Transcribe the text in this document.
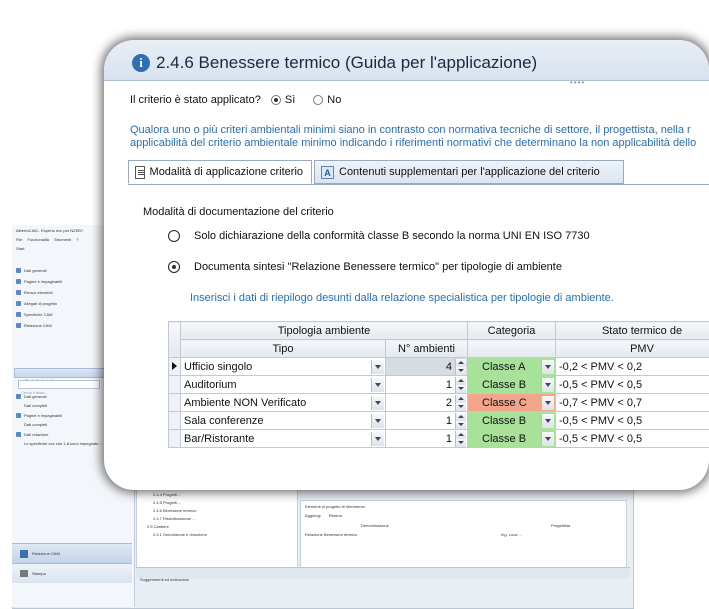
AlbertoCAM - Esperto ecc per NZEB?
File Funzionalità Strumenti ?
Start
Dati generali
Pagine e impaginabili
Elenco elementi
Allegati di progetto
Specifiche CAM
Relazione CAM
Cerca il testo...
Dati generali
Dati completi
Pagine e impaginabili
Dati completi
Dati relazione
Le specifiche ecc che 1.8 sono impegnate...
Relazione CAM
Stampa
2.4.4 Progetti ...
2.4.5 Progetti ...
2.4.6 Benessere termico
2.4.7 Ristrutturazione ...
2.5 Cantiere
2.5.1 Demolizione e rimozione
Elementi di progetto di riferimento
Aggiungi Elimina
Denominazione	Progettista
Relazione Benessere termico	Ing. Luca ...
Suggerimenti ed indicazioni
i 2.4.6 Benessere termico (Guida per l'applicazione)
••••
Il criterio è stato applicato? Sì	No
Qualora uno o più criteri ambientali minimi siano in contrasto con normativa tecniche di settore, il progettista, nella r
applicabilità del criterio ambientale minimo indicando i riferimenti normativi che determinano la non applicabilità dello
Modalità di applicazione criterio	A Contenuti supplementari per l'applicazione del criterio
Modalità di documentazione del criterio
Solo dichiarazione della conformità classe B secondo la norma UNI EN ISO 7730
Documenta sintesi "Relazione Benessere termico" per tipologie di ambiente
Inserisci i dati di riepilogo desunti dalla relazione specialistica per tipologie di ambiente.
	Tipologia ambiente		Categoria	Stato termico de
	Tipo	N° ambienti		PMV

	Ufficio singolo	4	Classe A	-0,2 < PMV < 0,2

	Auditorium	1	Classe B	-0,5 < PMV < 0,5

	Ambiente NON Verificato	2	Classe C	-0,7 < PMV < 0,7

	Sala conferenze	1	Classe B	-0,5 < PMV < 0,5

	Bar/Ristorante	1	Classe B	-0,5 < PMV < 0,5
